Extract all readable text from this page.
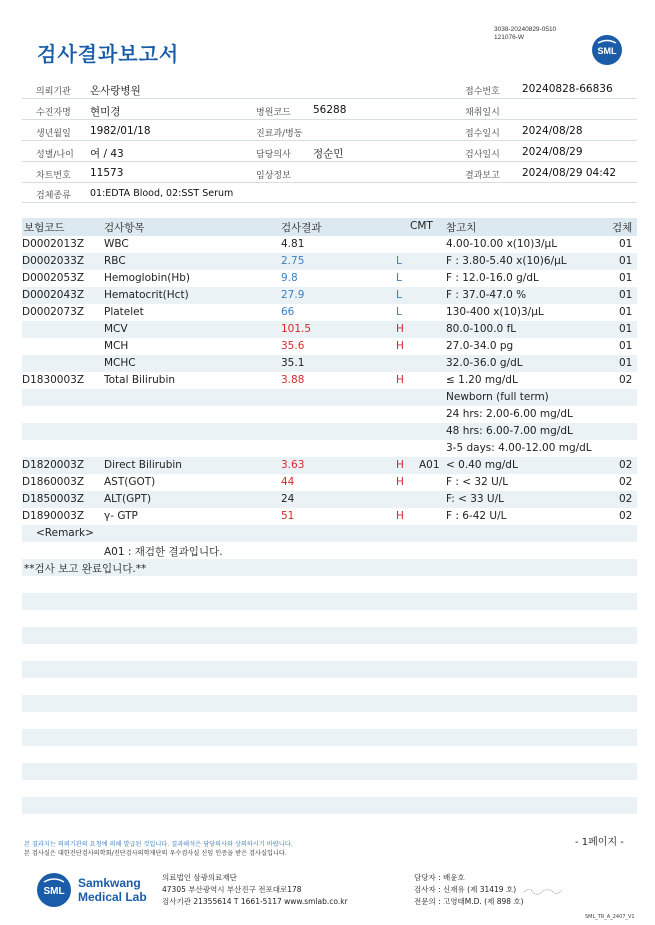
3038-20240829-0510
121076-W
검사결과보고서	SML
의뢰기관 온사랑병원	접수번호 20240828-66836
수진자명 현미경	병원코드 56288	채취일시
생년월일 1982/01/18	진료과/병동	접수일시 2024/08/28
성별/나이 여 / 43	담당의사 정순민	검사일시 2024/08/29
차트번호 11573	임상정보	결과보고 2024/08/29 04:42
검체종류 01:EDTA Blood, 02:SST Serum
보험코드	검사항목	검사결과	CMT 참고치	검체
D0002013Z WBC	4.81	4.00-10.00 x(10)3/μL	01
D0002033Z RBC	2.75	L	F : 3.80-5.40 x(10)6/μL	01
D0002053Z Hemoglobin(Hb)	9.8	L	F : 12.0-16.0 g/dL	01
D0002043Z Hematocrit(Hct)	27.9	L	F : 37.0-47.0 %	01
D0002073Z Platelet	66	L	130-400 x(10)3/μL	01
MCV	101.5	H	80.0-100.0 fL	01
MCH	35.6	H	27.0-34.0 pg	01
MCHC	35.1	32.0-36.0 g/dL	01
D1830003Z Total Bilirubin	3.88	H	≤ 1.20 mg/dL	02
Newborn (full term)
24 hrs: 2.00-6.00 mg/dL
48 hrs: 6.00-7.00 mg/dL
3-5 days: 4.00-12.00 mg/dL
D1820003Z Direct Bilirubin	3.63	H A01 < 0.40 mg/dL	02
D1860003Z AST(GOT)	44	H	F : < 32 U/L	02
D1850003Z ALT(GPT)	24	F: < 33 U/L	02
D1890003Z γ- GTP	51	H	F : 6-42 U/L	02
<Remark>
A01 : 재검한 결과입니다.
**검사 보고 완료입니다.**
본 결과지는 의뢰기관의 요청에 의해 발급된 것입니다. 결과해석은 담당의사와 상의하시기 바랍니다.
본 검사실은 대한진단검사의학회/진단검사의학재단의 우수검사실 신임 인증을 받은 검사실입니다.
- 1페이지 -
SML
Samkwang
Medical Lab
의료법인 삼광의료재단
47305 부산광역시 부산진구 전포대로178
검사기관 21355614 T 1661-5117 www.smlab.co.kr
담당자 : 배윤호
검사자 : 신재유 (제 31419 호)
전문의 : 고영태M.D. (제 898 호)
SML_TR_A_2407_V1
